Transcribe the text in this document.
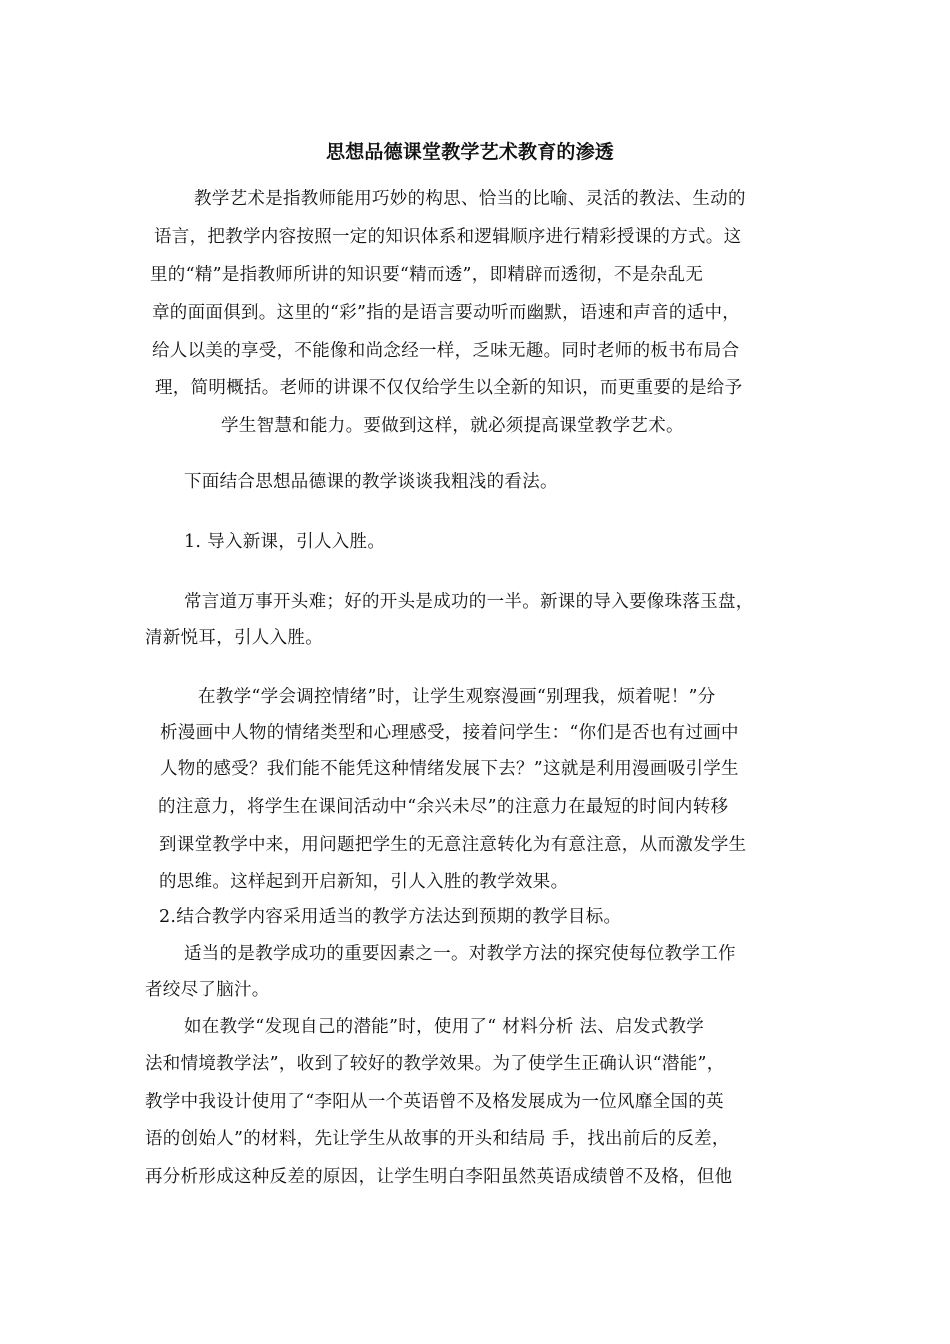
思想品德课堂教学艺术教育的渗透
教学艺术是指教师能用巧妙的构思、恰当的比喻、灵活的教法、生动的
语言，把教学内容按照一定的知识体系和逻辑顺序进行精彩授课的方式。这
里的“精”是指教师所讲的知识要“精而透”，即精辟而透彻，不是杂乱无
章的面面俱到。这里的“彩”指的是语言要动听而幽默，语速和声音的适中，
给人以美的享受，不能像和尚念经一样，乏味无趣。同时老师的板书布局合
理，简明概括。老师的讲课不仅仅给学生以全新的知识，而更重要的是给予
学生智慧和能力。要做到这样，就必须提高课堂教学艺术。
下面结合思想品德课的教学谈谈我粗浅的看法。
1. 导入新课，引人入胜。
常言道万事开头难；好的开头是成功的一半。新课的导入要像珠落玉盘，
清新悦耳，引人入胜。
在教学“学会调控情绪”时，让学生观察漫画“别理我，烦着呢！”分
析漫画中人物的情绪类型和心理感受，接着问学生：“你们是否也有过画中
人物的感受？我们能不能凭这种情绪发展下去？”这就是利用漫画吸引学生
的注意力，将学生在课间活动中“余兴未尽”的注意力在最短的时间内转移
到课堂教学中来，用问题把学生的无意注意转化为有意注意，从而激发学生
的思维。这样起到开启新知，引人入胜的教学效果。
2.结合教学内容采用适当的教学方法达到预期的教学目标。
适当的是教学成功的重要因素之一。对教学方法的探究使每位教学工作
者绞尽了脑汁。
如在教学“发现自己的潜能”时，使用了“ 材料分析 法、启发式教学
法和情境教学法”，收到了较好的教学效果。为了使学生正确认识“潜能”，
教学中我设计使用了“李阳从一个英语曾不及格发展成为一位风靡全国的英
语的创始人”的材料，先让学生从故事的开头和结局 手，找出前后的反差，
再分析形成这种反差的原因，让学生明白李阳虽然英语成绩曾不及格，但他
